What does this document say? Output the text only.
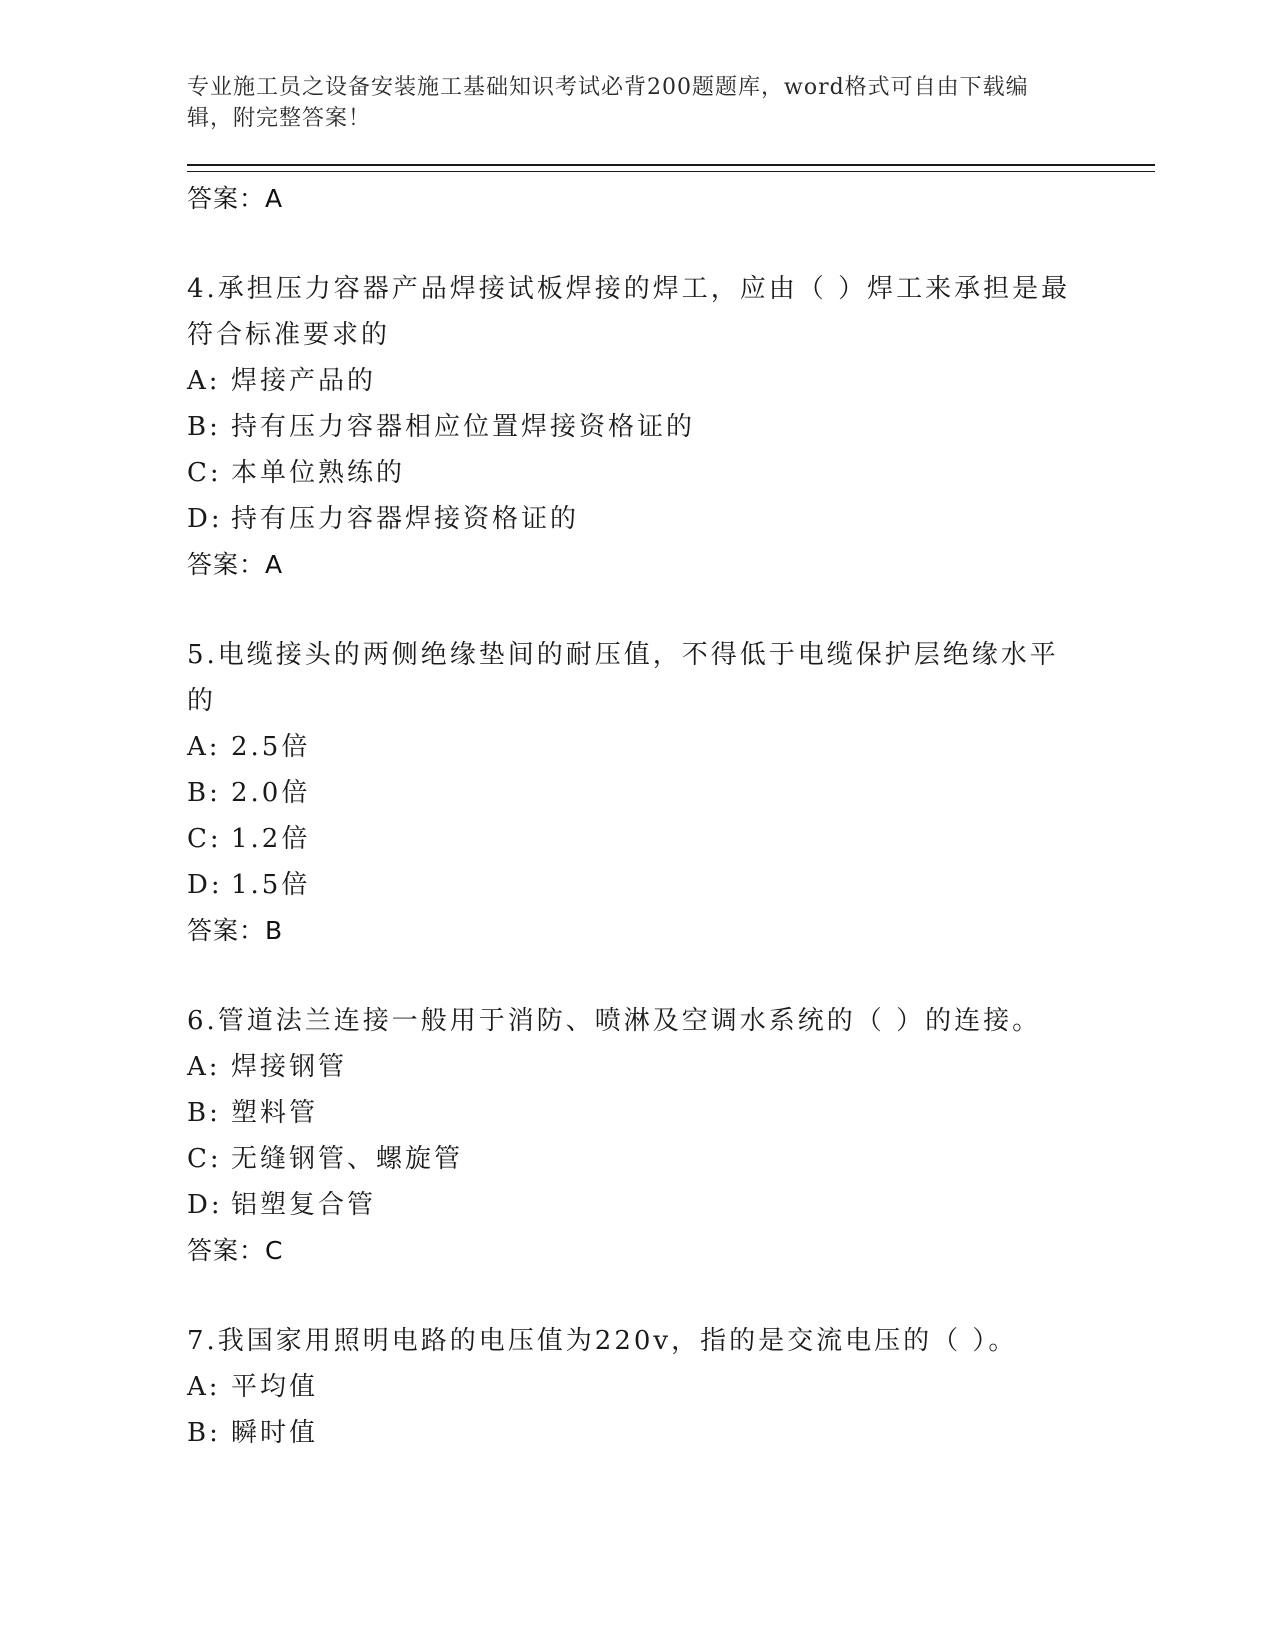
专业施工员之设备安装施工基础知识考试必背200题题库，word格式可自由下载编辑，附完整答案！
答案：A
4.承担压力容器产品焊接试板焊接的焊工，应由（ ）焊工来承担是最符合标准要求的
A: 焊接产品的
B: 持有压力容器相应位置焊接资格证的
C: 本单位熟练的
D: 持有压力容器焊接资格证的
答案：A
5.电缆接头的两侧绝缘垫间的耐压值，不得低于电缆保护层绝缘水平的
A: 2.5倍
B: 2.0倍
C: 1.2倍
D: 1.5倍
答案：B
6.管道法兰连接一般用于消防、喷淋及空调水系统的（ ）的连接。
A: 焊接钢管
B: 塑料管
C: 无缝钢管、螺旋管
D: 铝塑复合管
答案：C
7.我国家用照明电路的电压值为220v，指的是交流电压的（ ）。
A: 平均值
B: 瞬时值
